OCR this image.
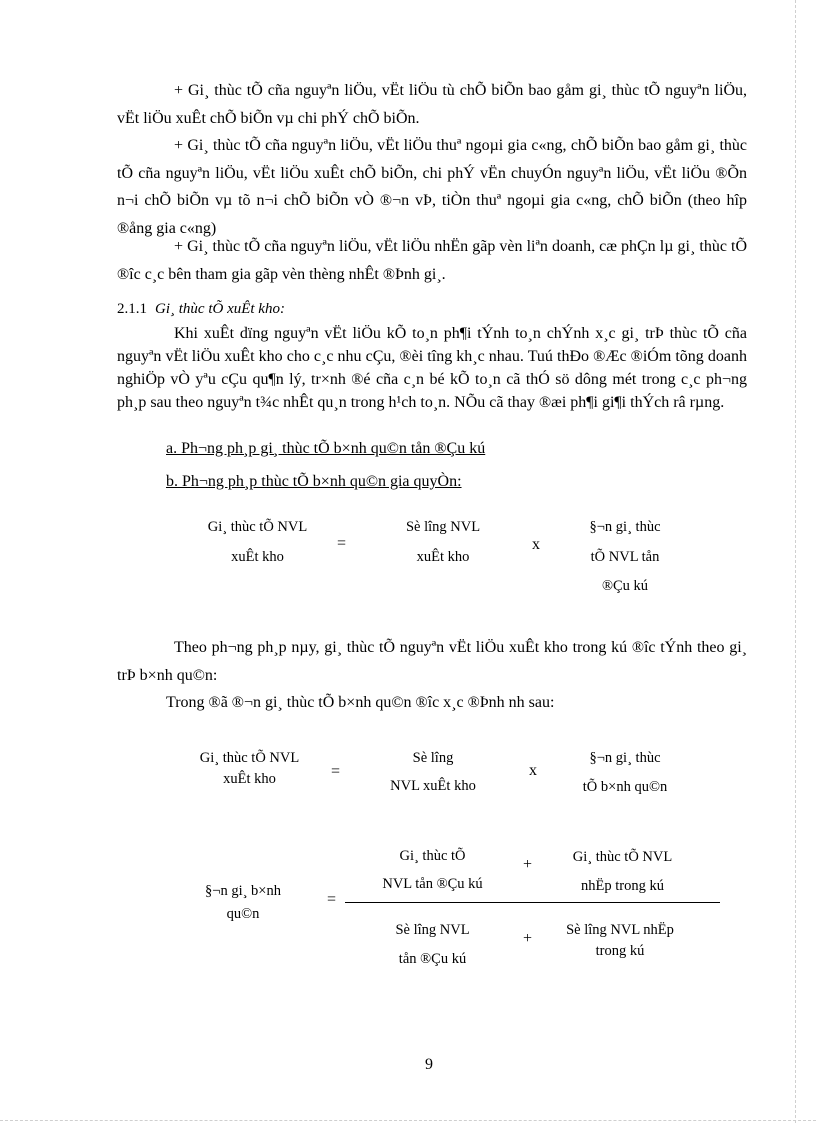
+ Gi¸ thùc tÕ cña nguyªn liÖu, vËt liÖu tù chÕ biÕn bao gåm gi¸ thùc tÕ nguyªn liÖu, vËt liÖu xuÊt chÕ biÕn vµ chi phÝ chÕ biÕn.
+ Gi¸ thùc tÕ cña nguyªn liÖu, vËt liÖu thuª ngoµi gia c«ng, chÕ biÕn bao gåm gi¸ thùc tÕ cña nguyªn liÖu, vËt liÖu xuÊt chÕ biÕn, chi phÝ vËn chuyÓn nguyªn liÖu, vËt liÖu ®Õn n¬i chÕ biÕn vµ tõ n¬i chÕ biÕn vÒ ®¬n vÞ, tiÒn thuª ngoµi gia c«ng, chÕ biÕn (theo hîp ®ång gia c«ng)
+ Gi¸ thùc tÕ cña nguyªn liÖu, vËt liÖu nhËn gãp vèn liªn doanh, cæ phÇn lµ gi¸ thùc tÕ ®îc c¸c bên tham gia gãp vèn thèng nhÊt ®Þnh gi¸.
2.1.1 Gi¸ thùc tÕ xuÊt kho:
Khi xuÊt dïng nguyªn vËt liÖu kÕ to¸n ph¶i tÝnh to¸n chÝnh x¸c gi¸ trÞ thùc tÕ cña nguyªn vËt liÖu xuÊt kho cho c¸c nhu cÇu, ®èi tîng kh¸c nhau. Tuú thÐo ®Æc ®iÓm tõng doanh nghiÖp vÒ yªu cÇu qu¶n lý, tr×nh ®é cña c¸n bé kÕ to¸n cã thÓ sö dông mét trong c¸c ph¬ng ph¸p sau theo nguyªn t¾c nhÊt qu¸n trong h¹ch to¸n. NÕu cã thay ®æi ph¶i gi¶i thÝch râ rµng.
a. Ph¬ng ph¸p gi¸ thùc tÕ b×nh qu©n tån ®Çu kú
b. Ph¬ng ph¸p thùc tÕ b×nh qu©n gia quyÒn:
Gi¸ thùc tÕ NVL
xuÊt kho
=
Sè lîng NVL
xuÊt kho
x
§¬n gi¸ thùc
tÕ NVL tån
®Çu kú
Theo ph¬ng ph¸p nµy, gi¸ thùc tÕ nguyªn vËt liÖu xuÊt kho trong kú ®îc tÝnh theo gi¸ trÞ b×nh qu©n:
Trong ®ã ®¬n gi¸ thùc tÕ b×nh qu©n ®îc x¸c ®Þnh nh sau:
Gi¸ thùc tÕ NVL
xuÊt kho	=
Sè lîng
NVL xuÊt kho
x
§¬n gi¸ thùc
tÕ b×nh qu©n
§¬n gi¸ b×nh
qu©n
=
Gi¸ thùc tÕ
NVL tån ®Çu kú
+	Gi¸ thùc tÕ NVL
nhËp trong kú
Sè lîng NVL
tån ®Çu kú
+	Sè lîng NVL nhËp
trong kú
9
